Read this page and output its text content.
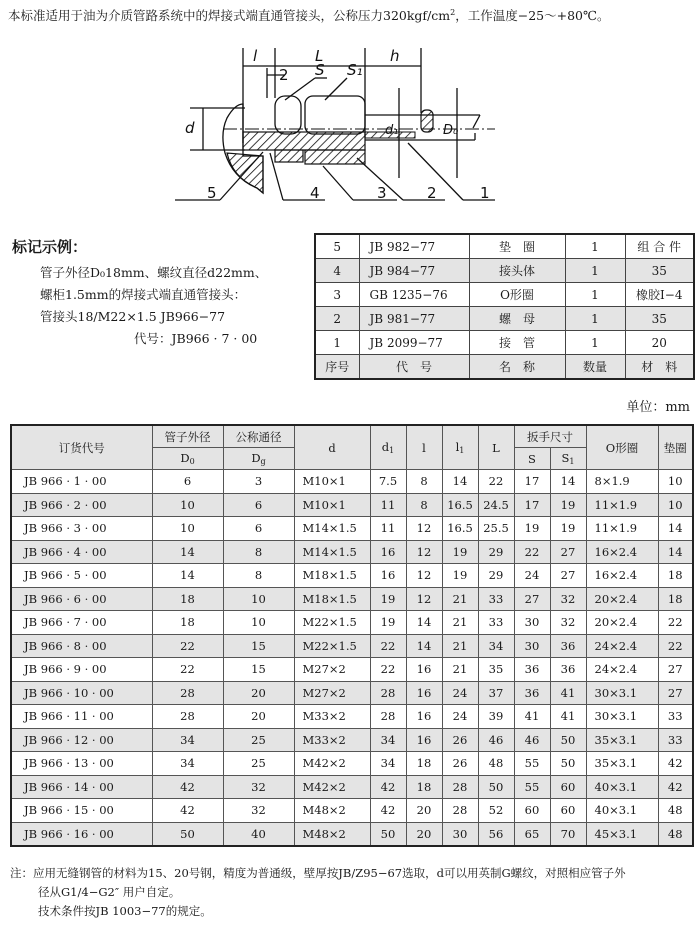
本标准适用于油为介质管路系统中的焊接式端直通管接头，公称压力$320kgf/cm^2$，工作温度−25～+80℃。
l	L	h
2 S S₁
d	d₁	D₀
5	4	3	2	1
标记示例：
管子外径D₀18mm、螺纹直径d22mm、
螺柜1.5mm的焊接式端直通管接头：
管接头18/M22×1.5 JB966−77
代号：JB966 · 7 · 00
5	JB 982−77	垫　圈	1	组 合 件
4	JB 984−77	接头体	1	35
3	GB 1235−76	O形圈	1	橡胶I−4
2	JB 981−77	螺　母	1	35
1	JB 2099−77	接　管	1	20
序号	代　号	名　称	数量	材　料
单位：mm
订货代号	管子外径	公称通径	d	$d_1$	l	$l_1$	L	扳手尺寸		O形圈	垫圈
	$D_0$	$D_g$						S	$S_1$
JB 966 · 1 · 00	6	3	M10×1	7.5	8	14	22	17	14	8×1.9	10
JB 966 · 2 · 00	10	6	M10×1	11	8	16.5	24.5	17	19	11×1.9	10
JB 966 · 3 · 00	10	6	M14×1.5	11	12	16.5	25.5	19	19	11×1.9	14
JB 966 · 4 · 00	14	8	M14×1.5	16	12	19	29	22	27	16×2.4	14
JB 966 · 5 · 00	14	8	M18×1.5	16	12	19	29	24	27	16×2.4	18
JB 966 · 6 · 00	18	10	M18×1.5	19	12	21	33	27	32	20×2.4	18
JB 966 · 7 · 00	18	10	M22×1.5	19	14	21	33	30	32	20×2.4	22
JB 966 · 8 · 00	22	15	M22×1.5	22	14	21	34	30	36	24×2.4	22
JB 966 · 9 · 00	22	15	M27×2	22	16	21	35	36	36	24×2.4	27
JB 966 · 10 · 00	28	20	M27×2	28	16	24	37	36	41	30×3.1	27
JB 966 · 11 · 00	28	20	M33×2	28	16	24	39	41	41	30×3.1	33
JB 966 · 12 · 00	34	25	M33×2	34	16	26	46	46	50	35×3.1	33
JB 966 · 13 · 00	34	25	M42×2	34	18	26	48	55	50	35×3.1	42
JB 966 · 14 · 00	42	32	M42×2	42	18	28	50	55	60	40×3.1	42
JB 966 · 15 · 00	42	32	M48×2	42	20	28	52	60	60	40×3.1	48
JB 966 · 16 · 00	50	40	M48×2	50	20	30	56	65	70	45×3.1	48
注：应用无缝钢管的材料为15、20号钢，精度为普通级，壁厚按JB/Z95−67选取，d可以用英制G螺纹，对照相应管子外
径从G1/4−G2″ 用户自定。
技术条件按JB 1003−77的规定。
